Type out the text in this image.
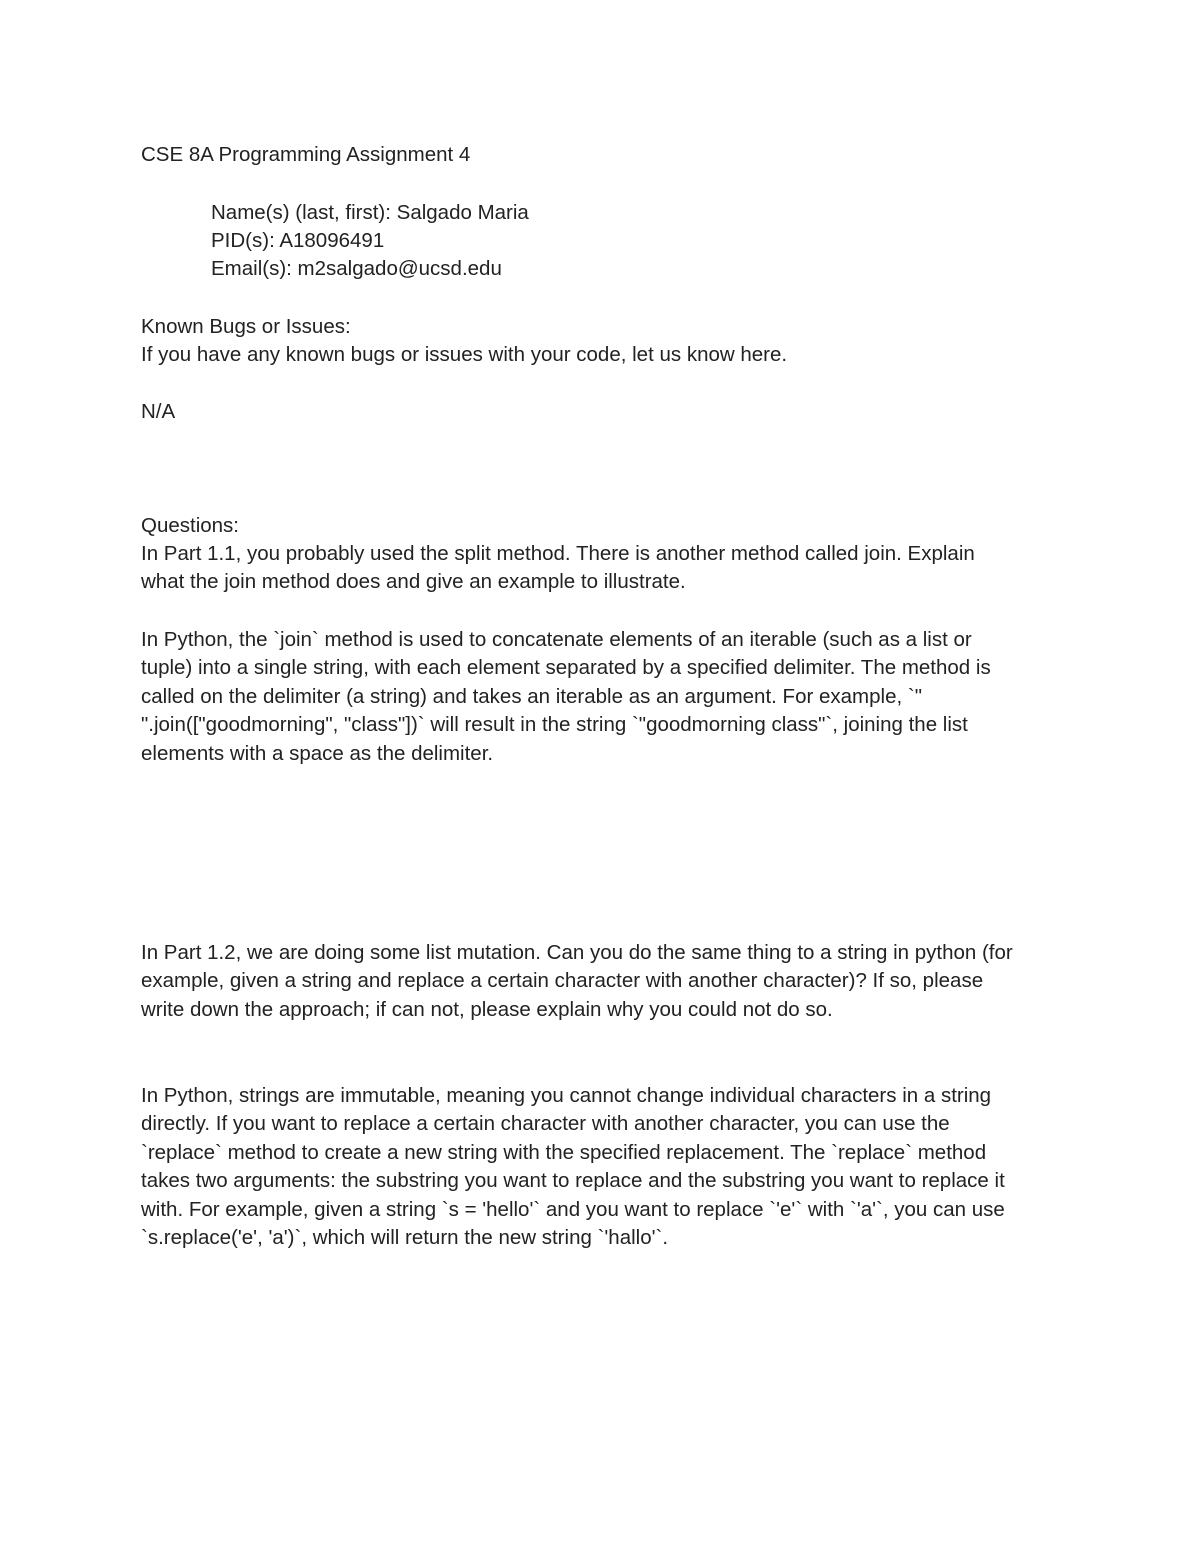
CSE 8A Programming Assignment 4
Name(s) (last, first): Salgado Maria
PID(s): A18096491
Email(s): m2salgado@ucsd.edu
Known Bugs or Issues:
If you have any known bugs or issues with your code, let us know here.
N/A
Questions:
In Part 1.1, you probably used the split method. There is another method called join. Explain
what the join method does and give an example to illustrate.
In Python, the `join` method is used to concatenate elements of an iterable (such as a list or
tuple) into a single string, with each element separated by a specified delimiter. The method is
called on the delimiter (a string) and takes an iterable as an argument. For example, `"
".join(["goodmorning", "class"])` will result in the string `"goodmorning class"`, joining the list
elements with a space as the delimiter.
In Part 1.2, we are doing some list mutation. Can you do the same thing to a string in python (for
example, given a string and replace a certain character with another character)? If so, please
write down the approach; if can not, please explain why you could not do so.
In Python, strings are immutable, meaning you cannot change individual characters in a string
directly. If you want to replace a certain character with another character, you can use the
`replace` method to create a new string with the specified replacement. The `replace` method
takes two arguments: the substring you want to replace and the substring you want to replace it
with. For example, given a string `s = 'hello'` and you want to replace `'e'` with `'a'`, you can use
`s.replace('e', 'a')`, which will return the new string `'hallo'`.
